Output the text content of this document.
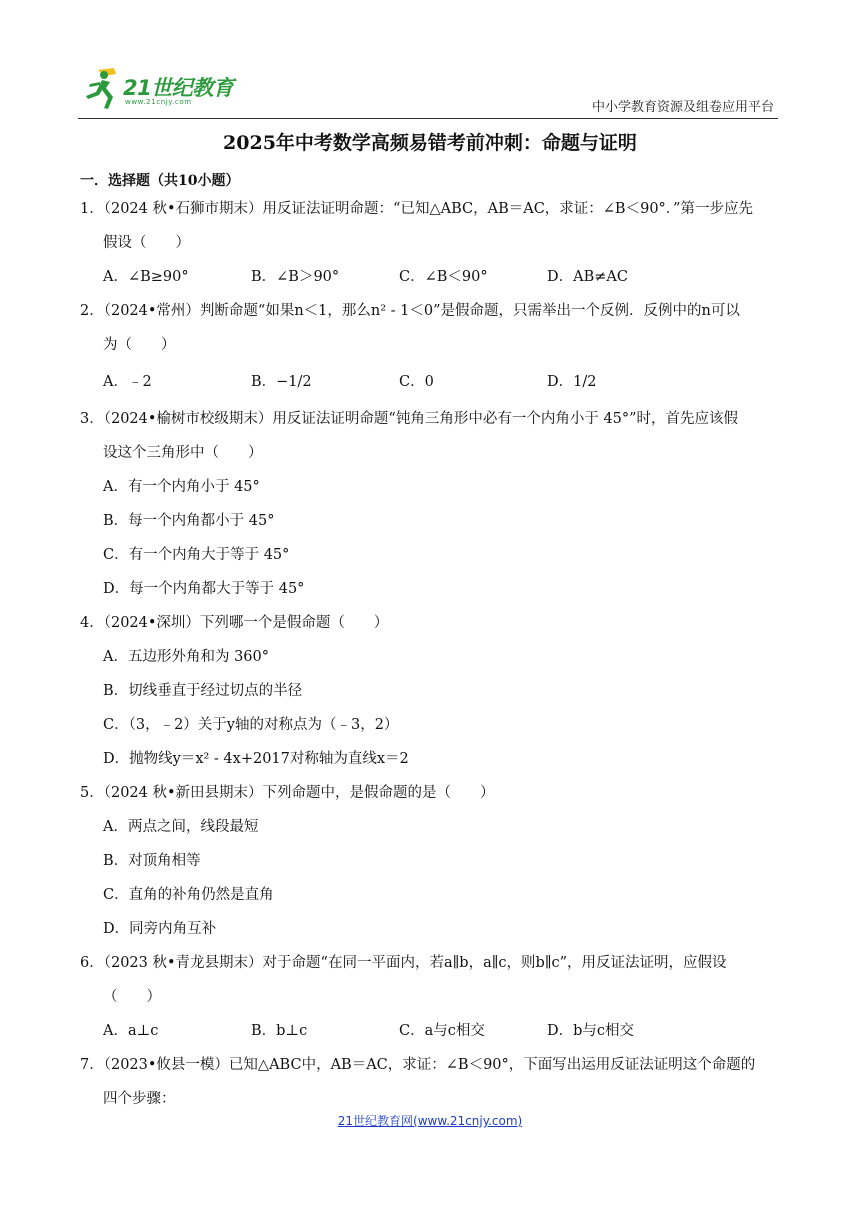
21世纪教育
www.21cnjy.com	中小学教育资源及组卷应用平台
2025年中考数学高频易错考前冲刺：命题与证明
一．选择题（共10小题）
1．（2024 秋•石狮市期末）用反证法证明命题：“已知△ABC，AB＝AC，求证：∠B＜90°．”第一步应先
假设（　　）
A．∠B≥90°	B．∠B＞90°	C．∠B＜90°	D．AB≠AC
2．（2024•常州）判断命题“如果n＜1，那么n² - 1＜0”是假命题，只需举出一个反例．反例中的n可以
为（　　）
A．﹣2	B．−1/2	C．0	D．1/2
3．（2024•榆树市校级期末）用反证法证明命题“钝角三角形中必有一个内角小于 45°”时，首先应该假
设这个三角形中（　　）
A．有一个内角小于 45°
B．每一个内角都小于 45°
C．有一个内角大于等于 45°
D．每一个内角都大于等于 45°
4．（2024•深圳）下列哪一个是假命题（　　）
A．五边形外角和为 360°
B．切线垂直于经过切点的半径
C．（3，﹣2）关于y轴的对称点为（﹣3，2）
D．抛物线y＝x² - 4x+2017对称轴为直线x＝2
5．（2024 秋•新田县期末）下列命题中，是假命题的是（　　）
A．两点之间，线段最短
B．对顶角相等
C．直角的补角仍然是直角
D．同旁内角互补
6．（2023 秋•青龙县期末）对于命题“在同一平面内，若a∥b，a∥c，则b∥c”，用反证法证明，应假设
（　　）
A．a⊥c	B．b⊥c	C．a与c相交	D．b与c相交
7．（2023•攸县一模）已知△ABC中，AB＝AC，求证：∠B＜90°，下面写出运用反证法证明这个命题的
四个步骤：
21世纪教育网(www.21cnjy.com)
